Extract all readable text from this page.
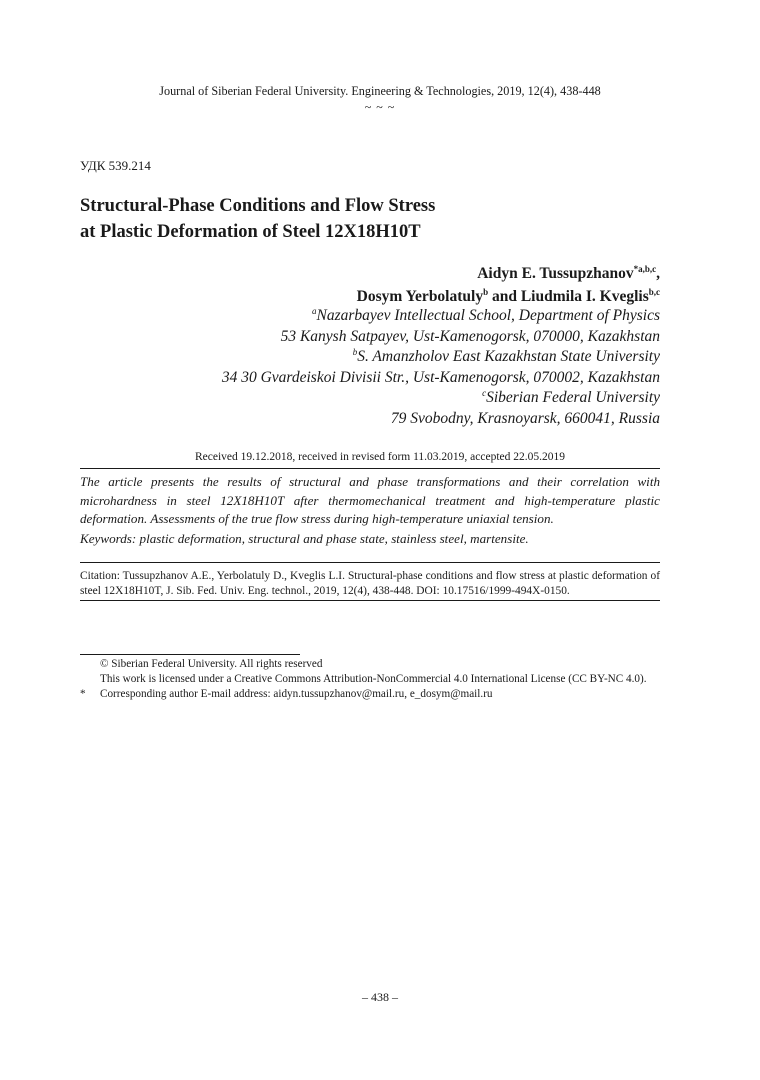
Journal of Siberian Federal University. Engineering & Technologies, 2019, 12(4), 438-448
~ ~ ~
УДК 539.214
Structural-Phase Conditions and Flow Stress
at Plastic Deformation of Steel 12X18H10T
Aidyn E. Tussupzhanov$^{*a,b,c}$,
Dosym Yerbolatuly$^b$ and Liudmila I. Kveglis$^{b,c}$
$^a$Nazarbayev Intellectual School, Department of Physics
53 Kanysh Satpayev, Ust-Kamenogorsk, 070000, Kazakhstan
$^b$S. Amanzholov East Kazakhstan State University
34 30 Gvardeiskoi Divisii Str., Ust-Kamenogorsk, 070002, Kazakhstan
$^c$Siberian Federal University
79 Svobodny, Krasnoyarsk, 660041, Russia
Received 19.12.2018, received in revised form 11.03.2019, accepted 22.05.2019
The article presents the results of structural and phase transformations and their correlation with microhardness in steel 12X18H10T after thermomechanical treatment and high-temperature plastic deformation. Assessments of the true flow stress during high-temperature uniaxial tension.
Keywords: plastic deformation, structural and phase state, stainless steel, martensite.
Citation: Tussupzhanov A.E., Yerbolatuly D., Kveglis L.I. Structural-phase conditions and flow stress at plastic deformation of steel 12X18H10T, J. Sib. Fed. Univ. Eng. technol., 2019, 12(4), 438-448. DOI: 10.17516/1999-494X-0150.
© Siberian Federal University. All rights reserved
This work is licensed under a Creative Commons Attribution-NonCommercial 4.0 International License (CC BY-NC 4.0).
* Corresponding author E-mail address: aidyn.tussupzhanov@mail.ru, e_dosym@mail.ru
– 438 –
